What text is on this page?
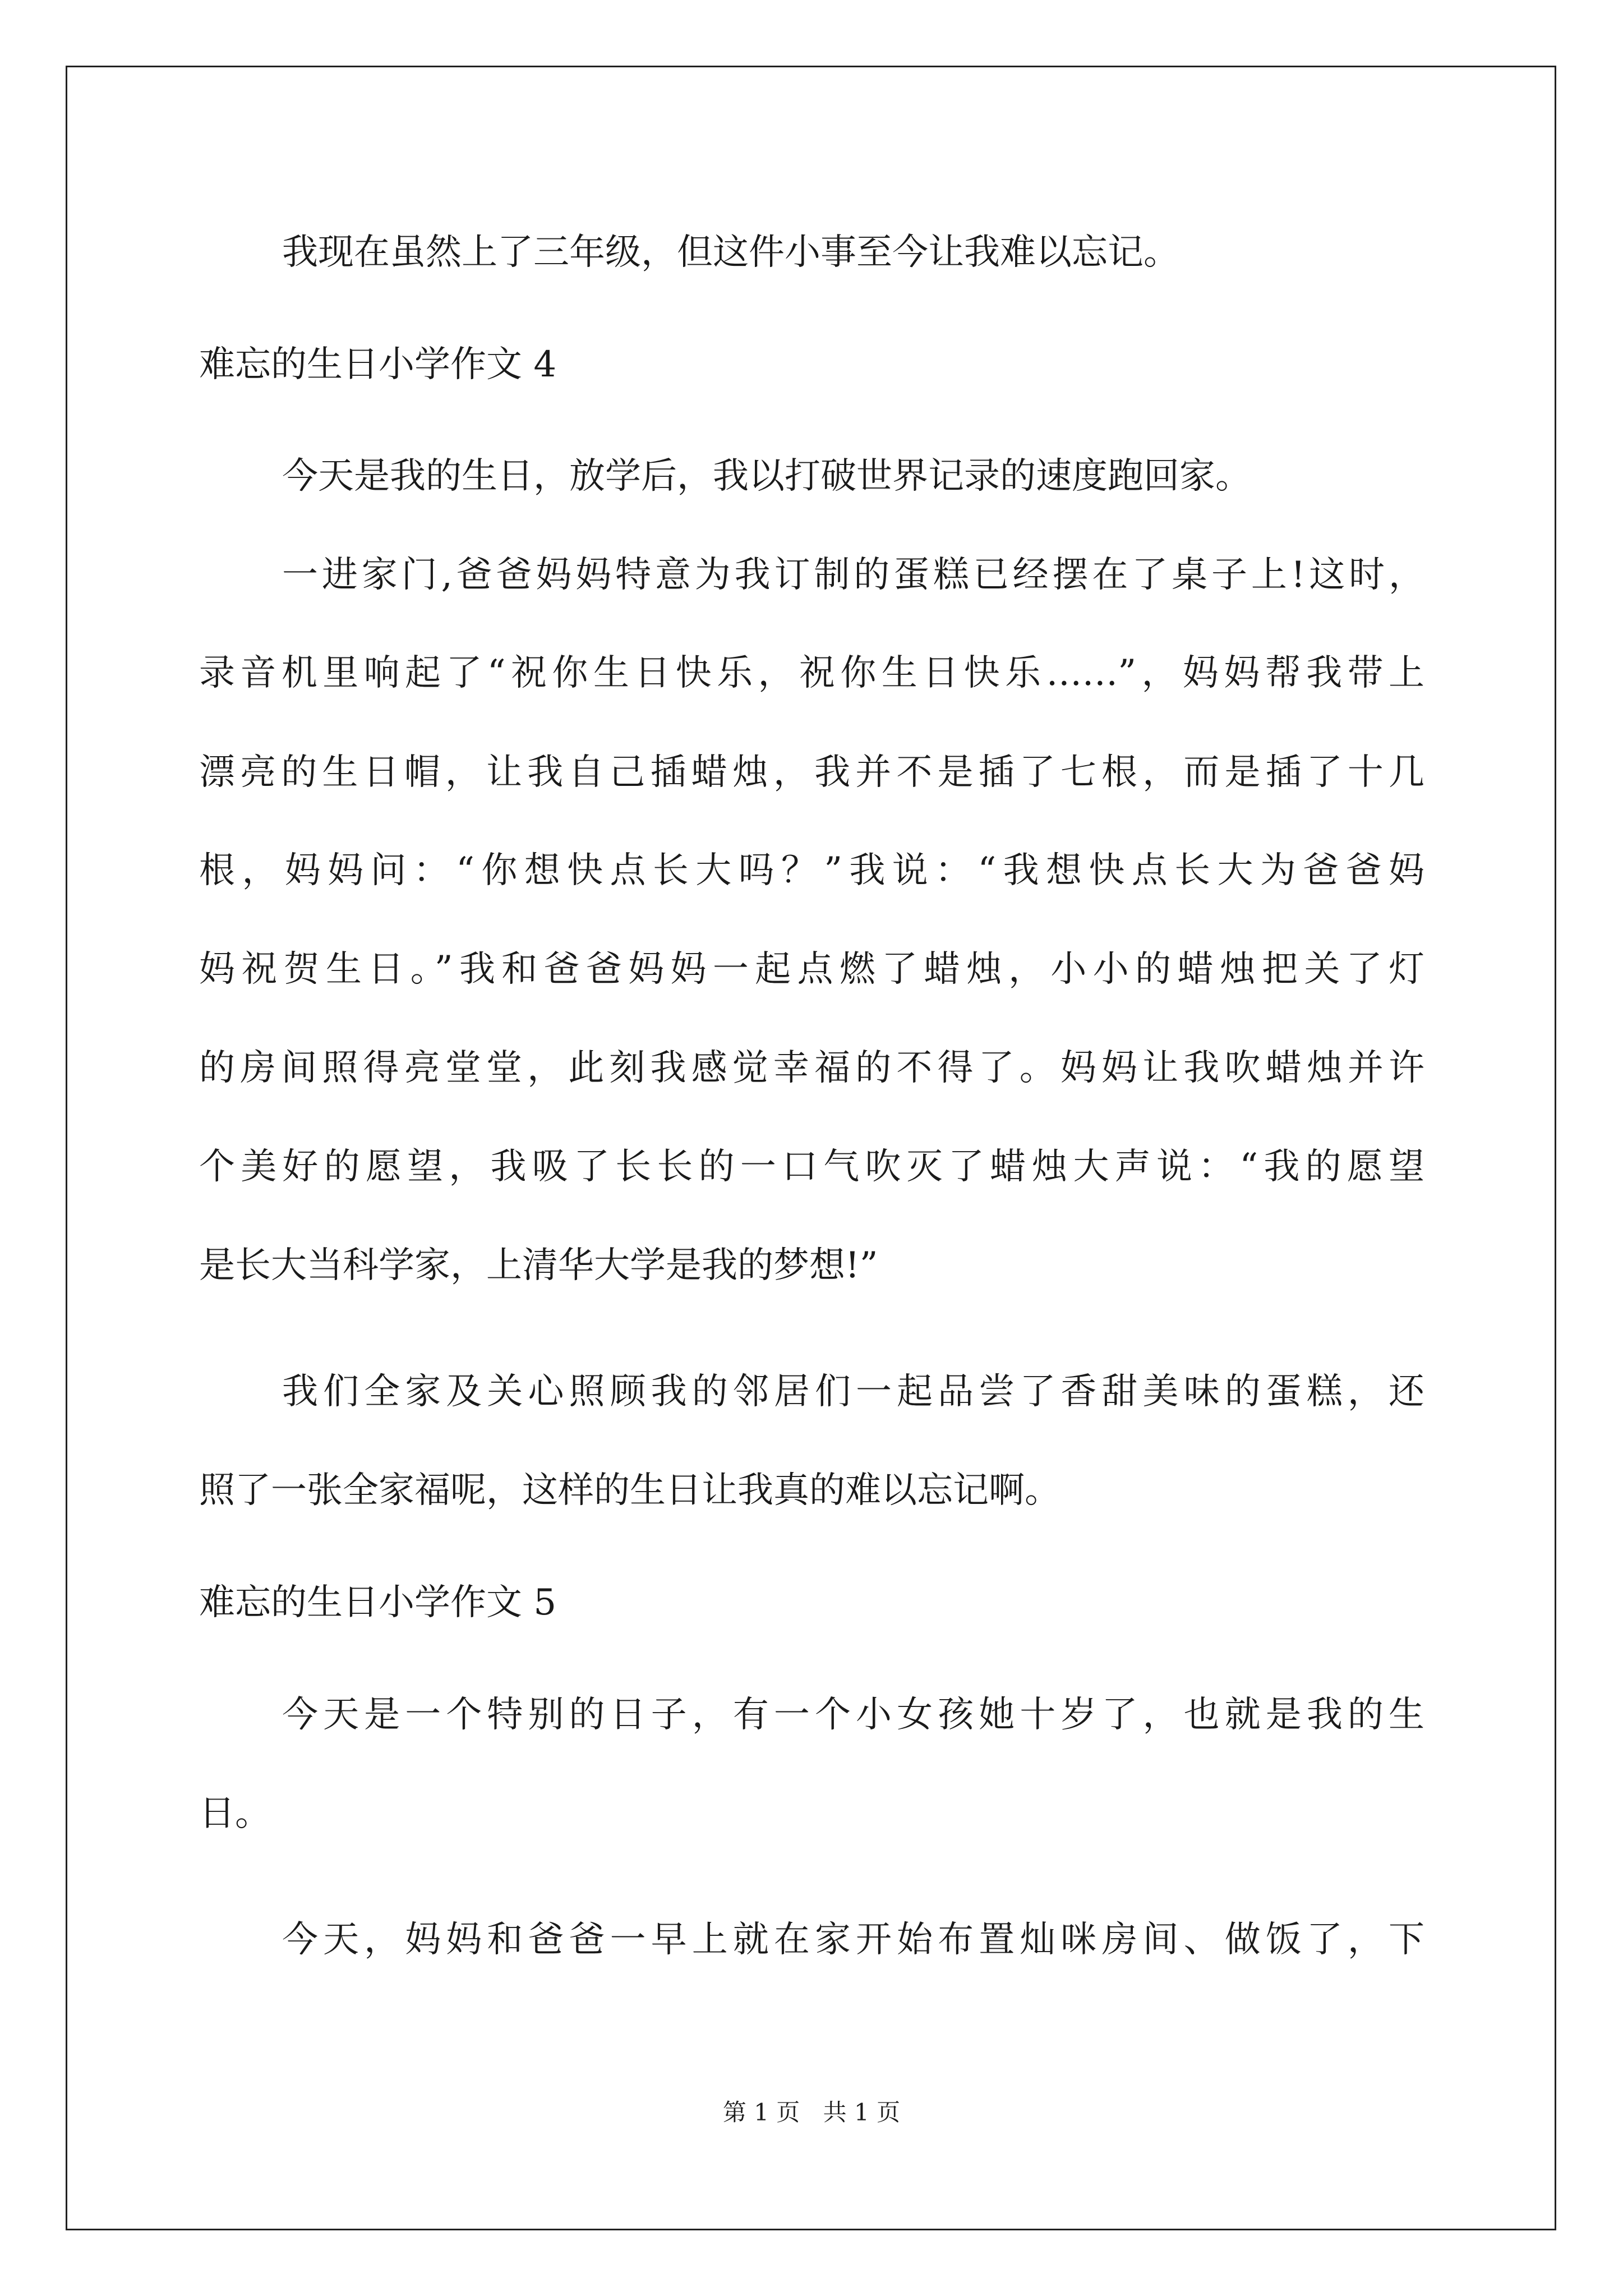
我现在虽然上了三年级，但这件小事至今让我难以忘记。
难忘的生日小学作文 4
今天是我的生日，放学后，我以打破世界记录的速度跑回家。
一进家门,爸爸妈妈特意为我订制的蛋糕已经摆在了桌子上!这时，
录音机里响起了“祝你生日快乐，祝你生日快乐……”，妈妈帮我带上
漂亮的生日帽，让我自己插蜡烛，我并不是插了七根，而是插了十几
根，妈妈问：“你想快点长大吗？”我说：“我想快点长大为爸爸妈
妈祝贺生日。”我和爸爸妈妈一起点燃了蜡烛，小小的蜡烛把关了灯
的房间照得亮堂堂，此刻我感觉幸福的不得了。妈妈让我吹蜡烛并许
个美好的愿望，我吸了长长的一口气吹灭了蜡烛大声说：“我的愿望
是长大当科学家，上清华大学是我的梦想!”
我们全家及关心照顾我的邻居们一起品尝了香甜美味的蛋糕，还
照了一张全家福呢，这样的生日让我真的难以忘记啊。
难忘的生日小学作文 5
今天是一个特别的日子，有一个小女孩她十岁了，也就是我的生
日。
今天，妈妈和爸爸一早上就在家开始布置灿咪房间、做饭了，下
第 1 页 共 1 页
